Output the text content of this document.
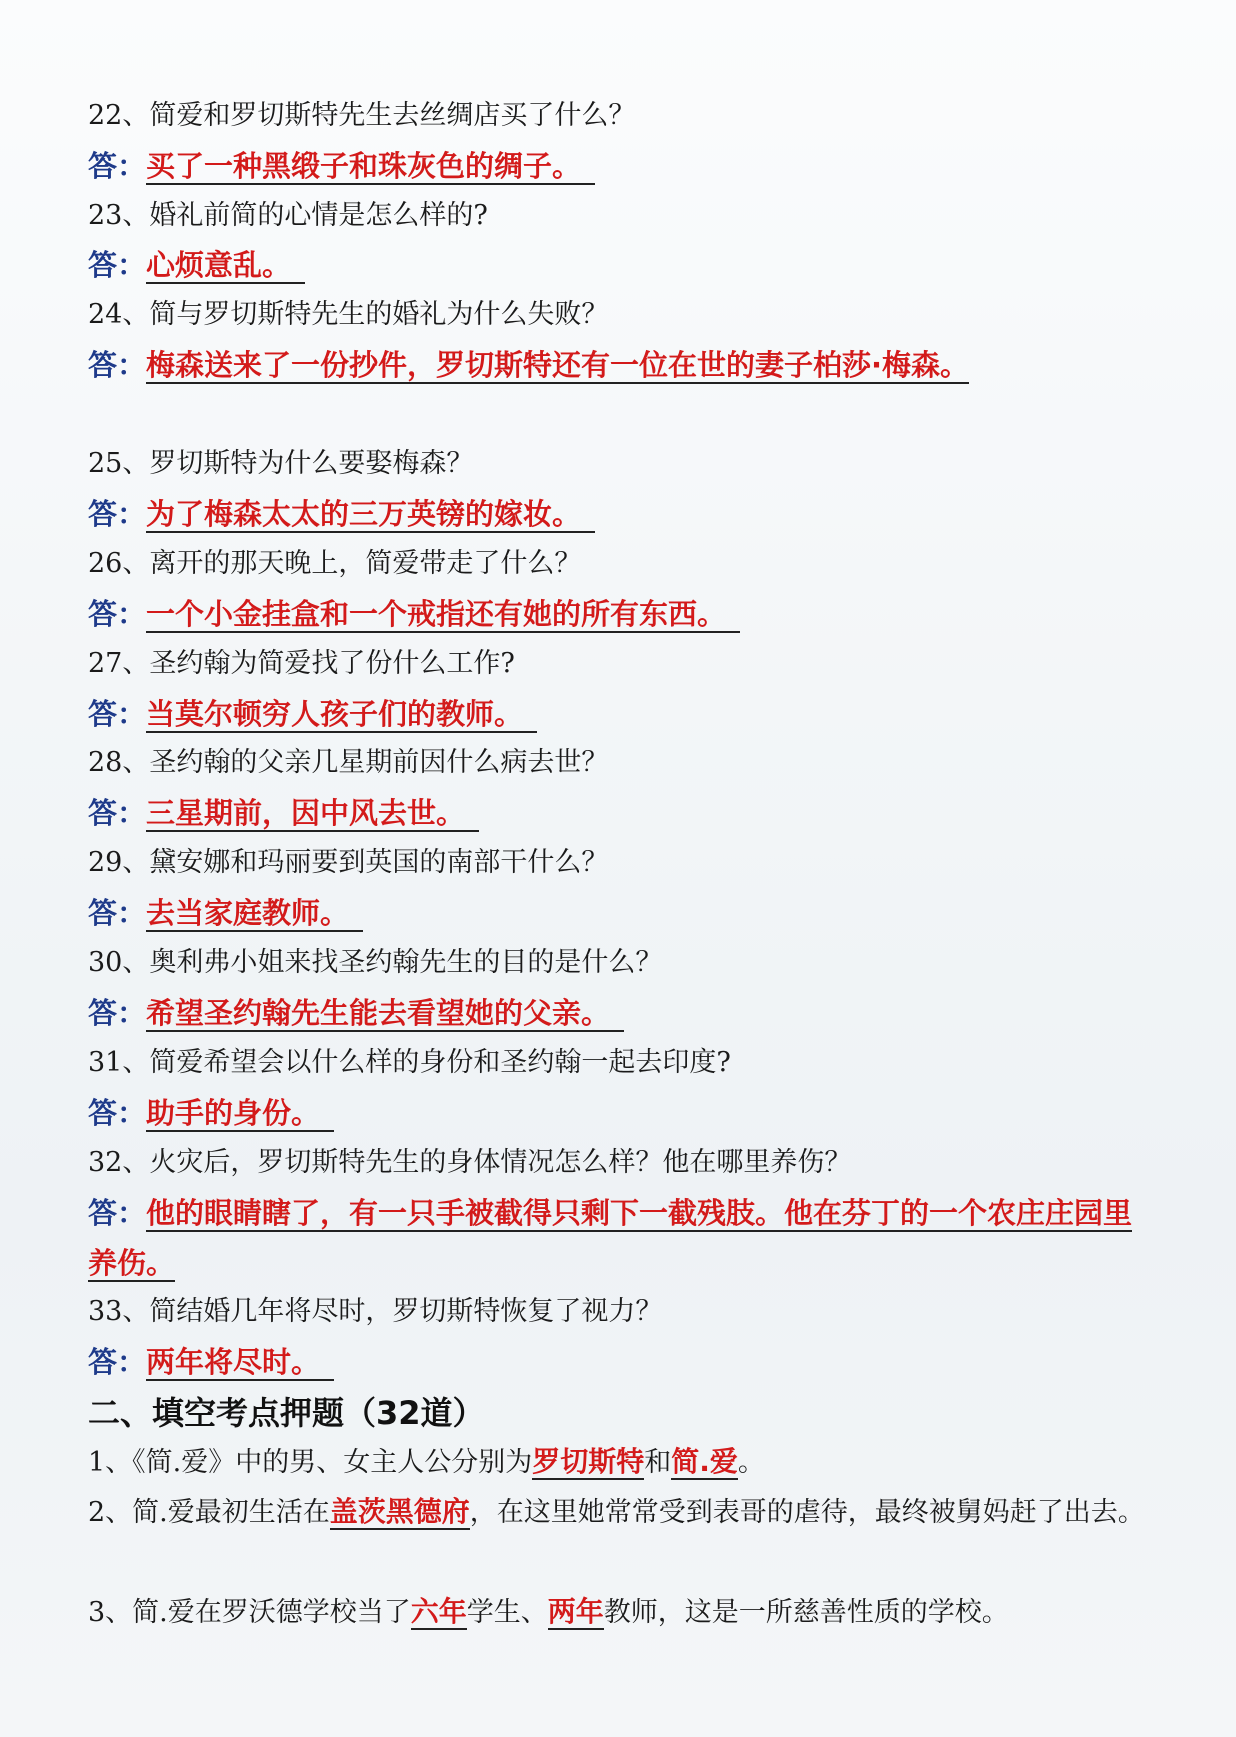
22、简爱和罗切斯特先生去丝绸店买了什么？
答：买了一种黑缎子和珠灰色的绸子。
23、婚礼前简的心情是怎么样的?
答：心烦意乱。
24、简与罗切斯特先生的婚礼为什么失败？
答：梅森送来了一份抄件，罗切斯特还有一位在世的妻子柏莎·梅森。
25、罗切斯特为什么要娶梅森？
答：为了梅森太太的三万英镑的嫁妆。
26、离开的那天晚上，简爱带走了什么？
答：一个小金挂盒和一个戒指还有她的所有东西。
27、圣约翰为简爱找了份什么工作?
答：当莫尔顿穷人孩子们的教师。
28、圣约翰的父亲几星期前因什么病去世？
答：三星期前，因中风去世。
29、黛安娜和玛丽要到英国的南部干什么？
答：去当家庭教师。
30、奥利弗小姐来找圣约翰先生的目的是什么？
答：希望圣约翰先生能去看望她的父亲。
31、简爱希望会以什么样的身份和圣约翰一起去印度?
答：助手的身份。
32、火灾后，罗切斯特先生的身体情况怎么样？他在哪里养伤？
答：他的眼睛瞎了，有一只手被截得只剩下一截残肢。他在芬丁的一个农庄庄园里养伤。
33、简结婚几年将尽时，罗切斯特恢复了视力？
答：两年将尽时。
二、填空考点押题（32道）
1、《简.爱》中的男、女主人公分别为罗切斯特和简.爱。
2、简.爱最初生活在盖茨黑德府，在这里她常常受到表哥的虐待，最终被舅妈赶了出去。
3、简.爱在罗沃德学校当了六年学生、两年教师，这是一所慈善性质的学校。
